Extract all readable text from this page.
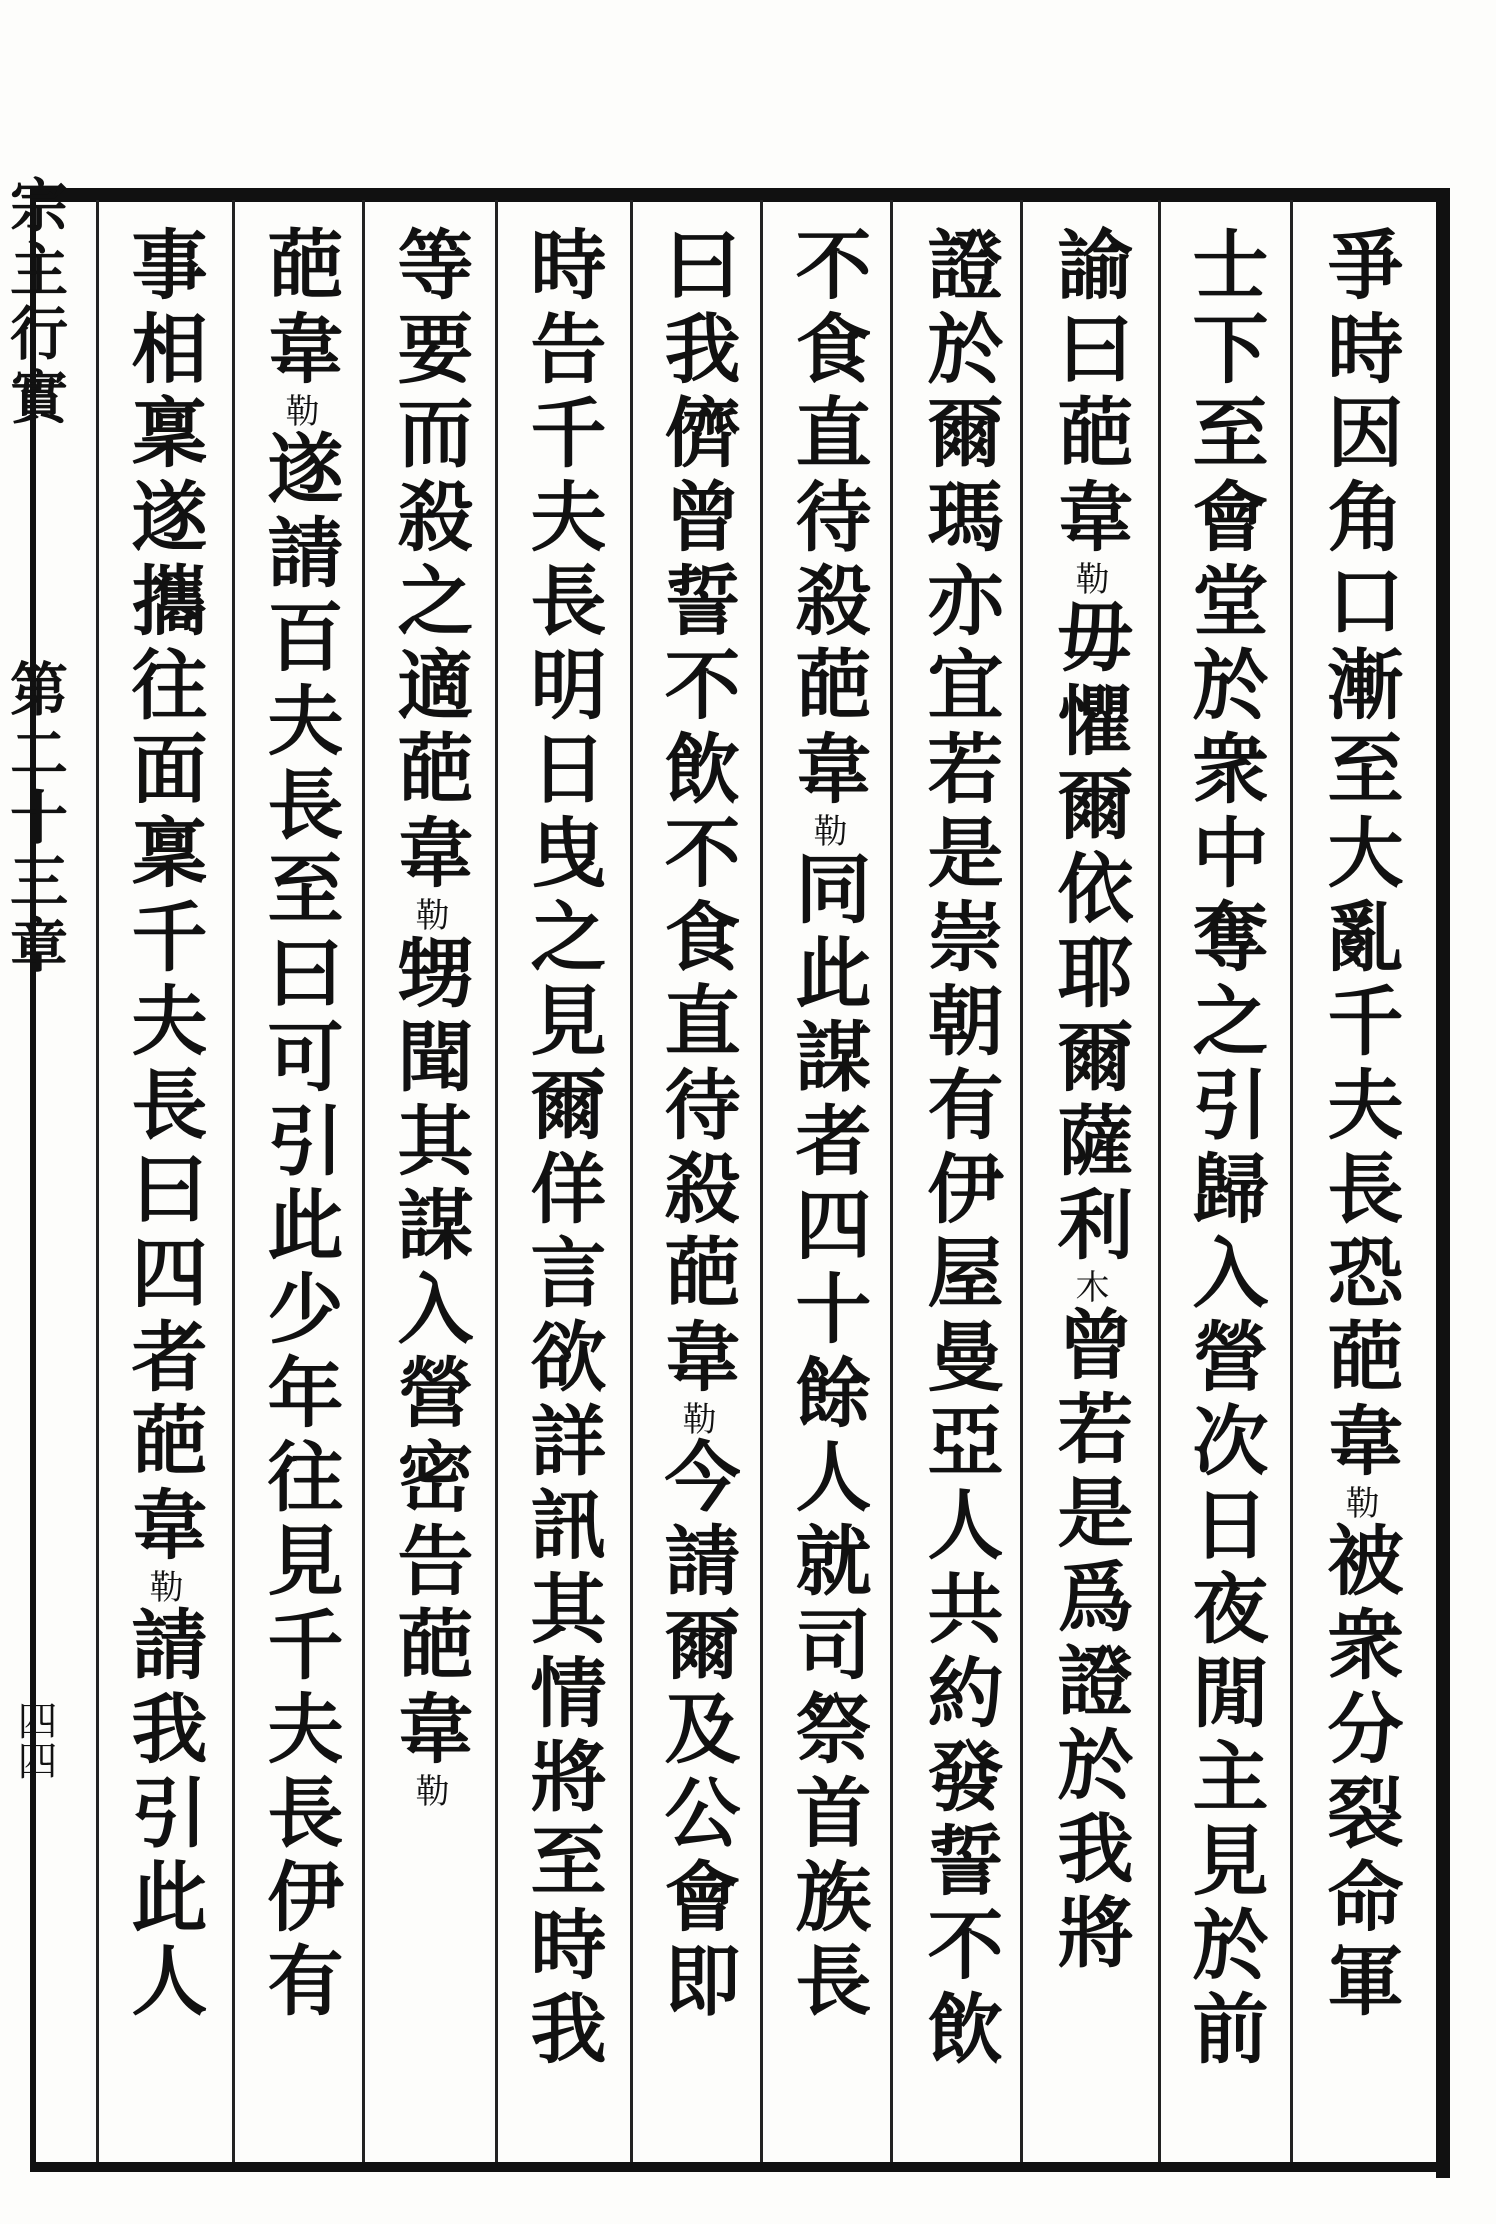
宗主行實  第二十三章
四四
爭時因角口漸至大亂千夫長恐葩韋勒被衆分裂命軍
士下至會堂於衆中奪之引歸入營次日夜閒主見於前
諭曰葩韋勒毋懼爾依耶爾薩利木曾若是爲證於我將
證於爾瑪亦宜若是崇朝有伊屋曼亞人共約發誓不飲
不食直待殺葩韋勒同此謀者四十餘人就司祭首族長
曰我儕曾誓不飲不食直待殺葩韋勒今請爾及公會即
時告千夫長明日曳之見爾佯言欲詳訊其情將至時我
等要而殺之適葩韋勒甥聞其謀入營密告葩韋勒
葩韋勒遂請百夫長至曰可引此少年往見千夫長伊有
事相稟遂攜往面稟千夫長曰四者葩韋勒請我引此人
